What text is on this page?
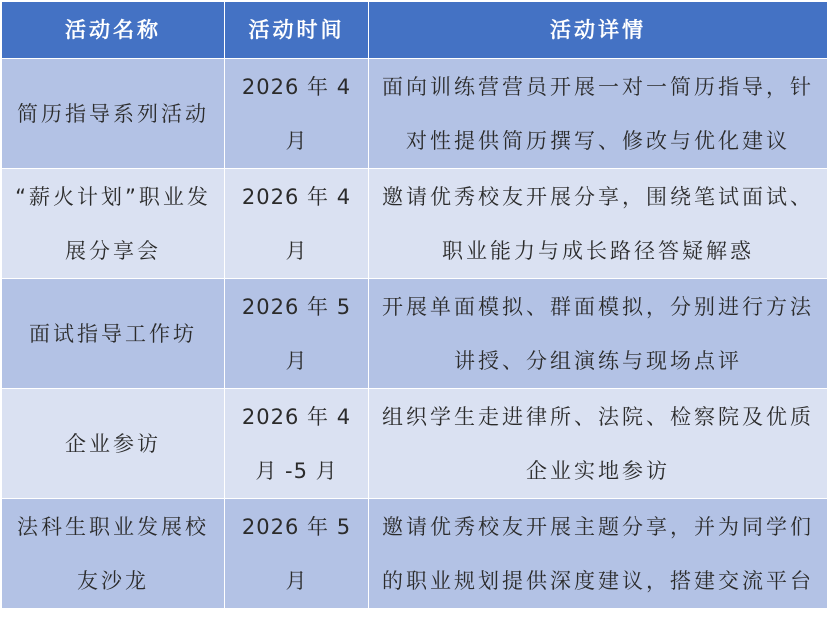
活动名称	活动时间	活动详情
简历指导系列活动	2026 年 4 月	面向训练营营员开展一对一简历指导，针对性提供简历撰写、修改与优化建议
“薪火计划”职业发展分享会	2026 年 4 月	邀请优秀校友开展分享，围绕笔试面试、职业能力与成长路径答疑解惑
面试指导工作坊	2026 年 5 月	开展单面模拟、群面模拟，分别进行方法讲授、分组演练与现场点评
企业参访	2026 年 4 月 -5 月	组织学生走进律所、法院、检察院及优质企业实地参访
法科生职业发展校友沙龙	2026 年 5 月	邀请优秀校友开展主题分享，并为同学们的职业规划提供深度建议，搭建交流平台
